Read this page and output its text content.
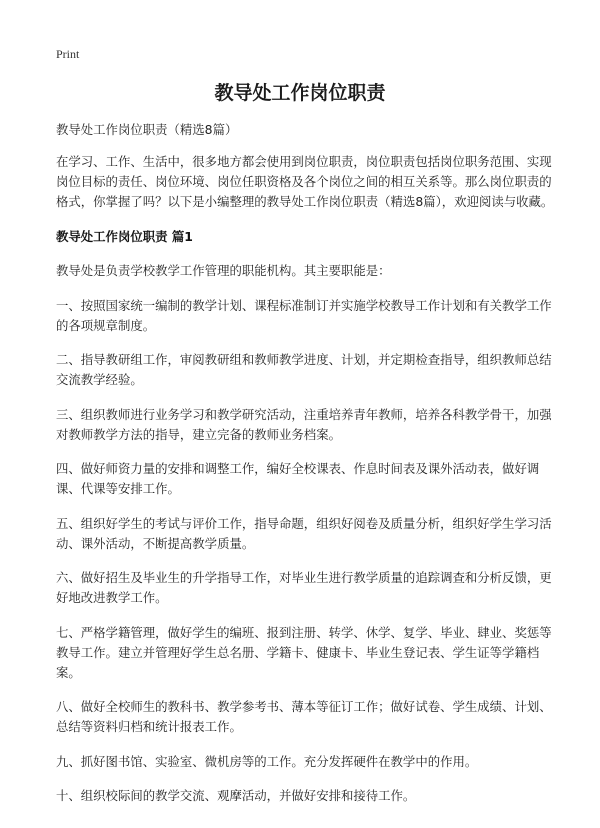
Print
教导处工作岗位职责

教导处工作岗位职责（精选8篇）

在学习、工作、生活中，很多地方都会使用到岗位职责，岗位职责包括岗位职务范围、实现岗位目标的责任、岗位环境、岗位任职资格及各个岗位之间的相互关系等。那么岗位职责的格式，你掌握了吗？以下是小编整理的教导处工作岗位职责（精选8篇），欢迎阅读与收藏。

教导处工作岗位职责 篇1

教导处是负责学校教学工作管理的职能机构。其主要职能是：

一、按照国家统一编制的教学计划、课程标准制订并实施学校教导工作计划和有关教学工作的各项规章制度。

二、指导教研组工作，审阅教研组和教师教学进度、计划，并定期检查指导，组织教师总结交流教学经验。

三、组织教师进行业务学习和教学研究活动，注重培养青年教师，培养各科教学骨干，加强对教师教学方法的指导，建立完备的教师业务档案。

四、做好师资力量的安排和调整工作，编好全校课表、作息时间表及课外活动表，做好调课、代课等安排工作。

五、组织好学生的考试与评价工作，指导命题，组织好阅卷及质量分析，组织好学生学习活动、课外活动，不断提高教学质量。

六、做好招生及毕业生的升学指导工作，对毕业生进行教学质量的追踪调查和分析反馈，更好地改进教学工作。

七、严格学籍管理，做好学生的编班、报到注册、转学、休学、复学、毕业、肆业、奖惩等教导工作。建立并管理好学生总名册、学籍卡、健康卡、毕业生登记表、学生证等学籍档案。

八、做好全校师生的教科书、教学参考书、薄本等征订工作；做好试卷、学生成绩、计划、总结等资料归档和统计报表工作。

九、抓好图书馆、实验室、微机房等的工作。充分发挥硬件在教学中的作用。

十、组织校际间的教学交流、观摩活动，并做好安排和接待工作。
